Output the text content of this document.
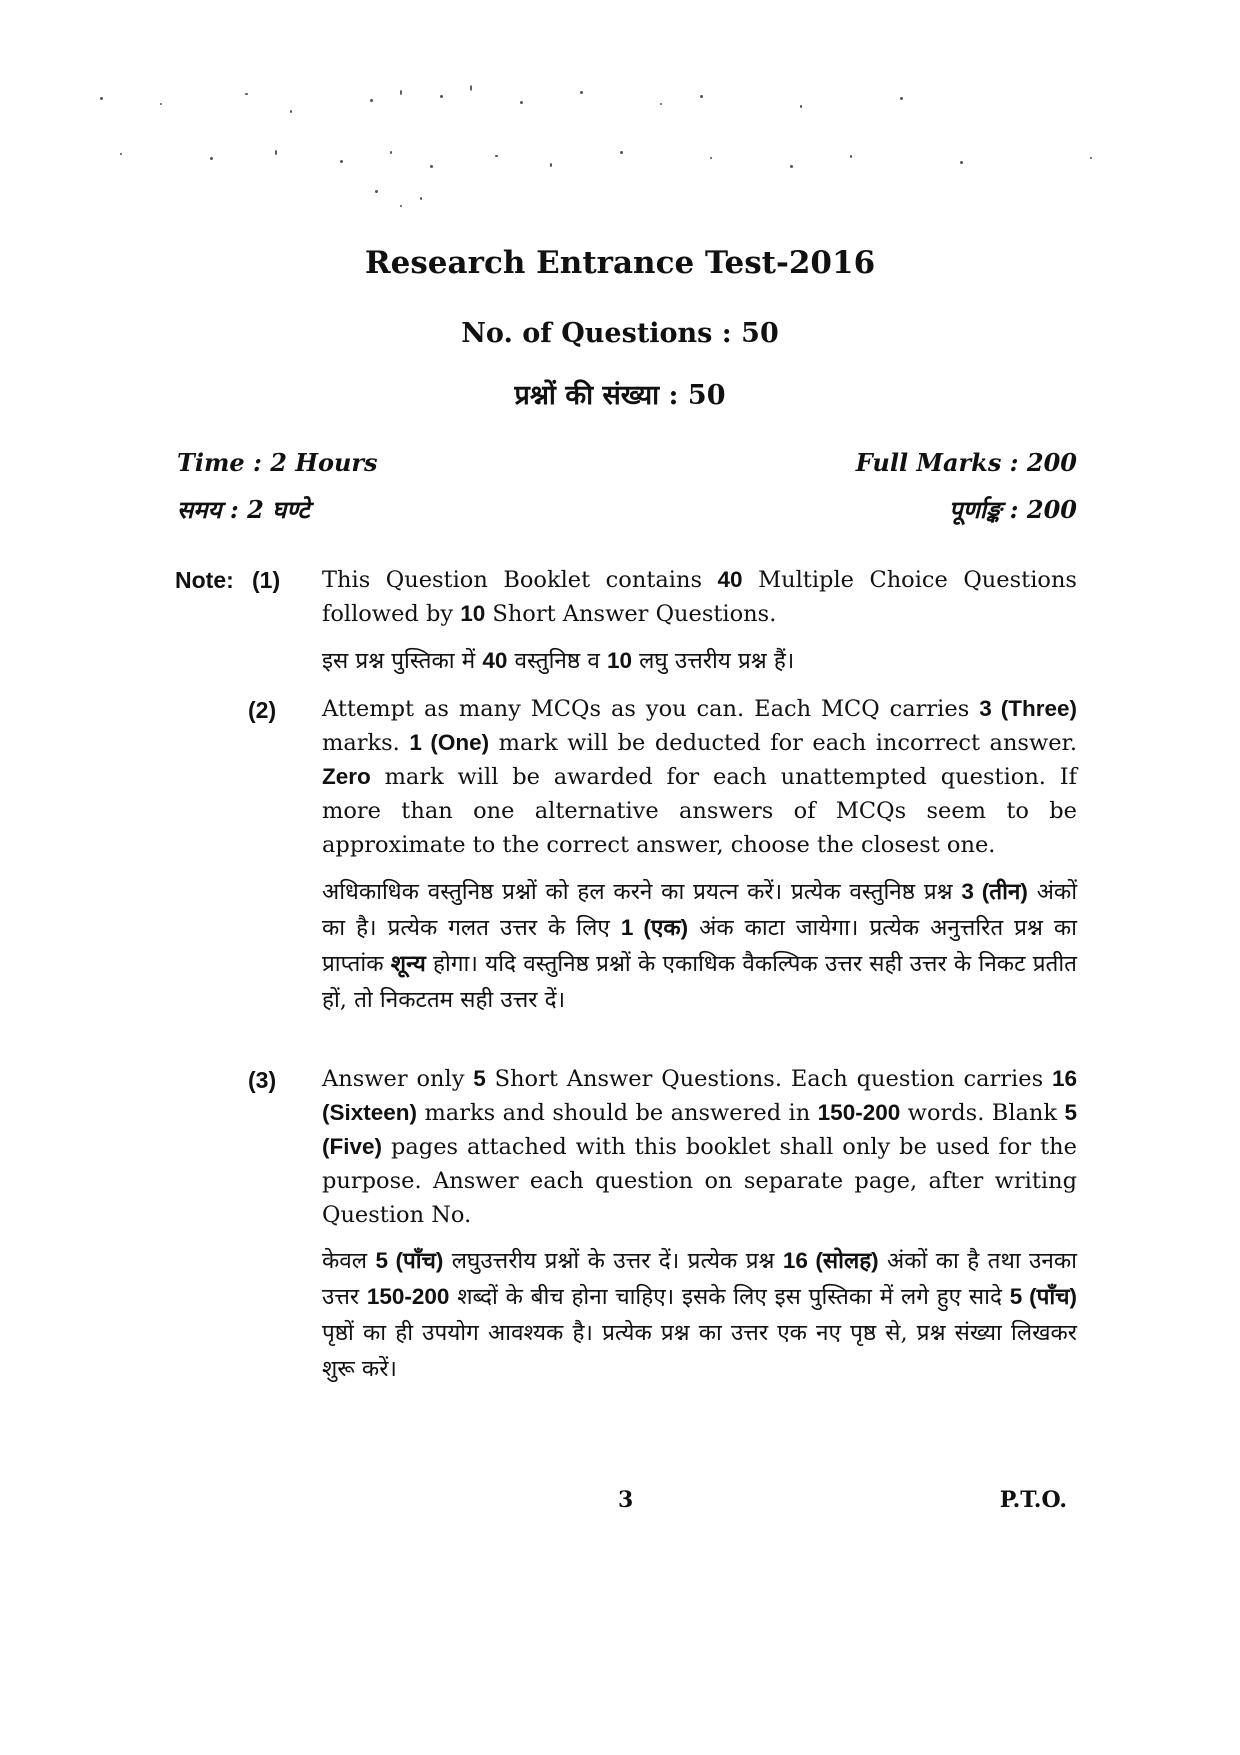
Research Entrance Test-2016
No. of Questions : 50
प्रश्नों की संख्या : 50
Time : 2 Hours	Full Marks : 200
समय : 2 घण्टे	पूर्णाङ्क : 200
Note: (1) This Question Booklet contains 40 Multiple Choice Questions followed by 10 Short Answer Questions.
इस प्रश्न पुस्तिका में 40 वस्तुनिष्ठ व 10 लघु उत्तरीय प्रश्न हैं।
(2) Attempt as many MCQs as you can. Each MCQ carries 3 (Three) marks. 1 (One) mark will be deducted for each incorrect answer. Zero mark will be awarded for each unattempted question. If more than one alternative answers of MCQs seem to be approximate to the correct answer, choose the closest one.
अधिकाधिक वस्तुनिष्ठ प्रश्नों को हल करने का प्रयत्न करें। प्रत्येक वस्तुनिष्ठ प्रश्न 3 (तीन) अंकों का है। प्रत्येक गलत उत्तर के लिए 1 (एक) अंक काटा जायेगा। प्रत्येक अनुत्तरित प्रश्न का प्राप्तांक शून्य होगा। यदि वस्तुनिष्ठ प्रश्नों के एकाधिक वैकल्पिक उत्तर सही उत्तर के निकट प्रतीत हों, तो निकटतम सही उत्तर दें।
(3) Answer only 5 Short Answer Questions. Each question carries 16 (Sixteen) marks and should be answered in 150-200 words. Blank 5 (Five) pages attached with this booklet shall only be used for the purpose. Answer each question on separate page, after writing Question No.
केवल 5 (पाँच) लघुउत्तरीय प्रश्नों के उत्तर दें। प्रत्येक प्रश्न 16 (सोलह) अंकों का है तथा उनका उत्तर 150-200 शब्दों के बीच होना चाहिए। इसके लिए इस पुस्तिका में लगे हुए सादे 5 (पाँच) पृष्ठों का ही उपयोग आवश्यक है। प्रत्येक प्रश्न का उत्तर एक नए पृष्ठ से, प्रश्न संख्या लिखकर शुरू करें।
3	P.T.O.
